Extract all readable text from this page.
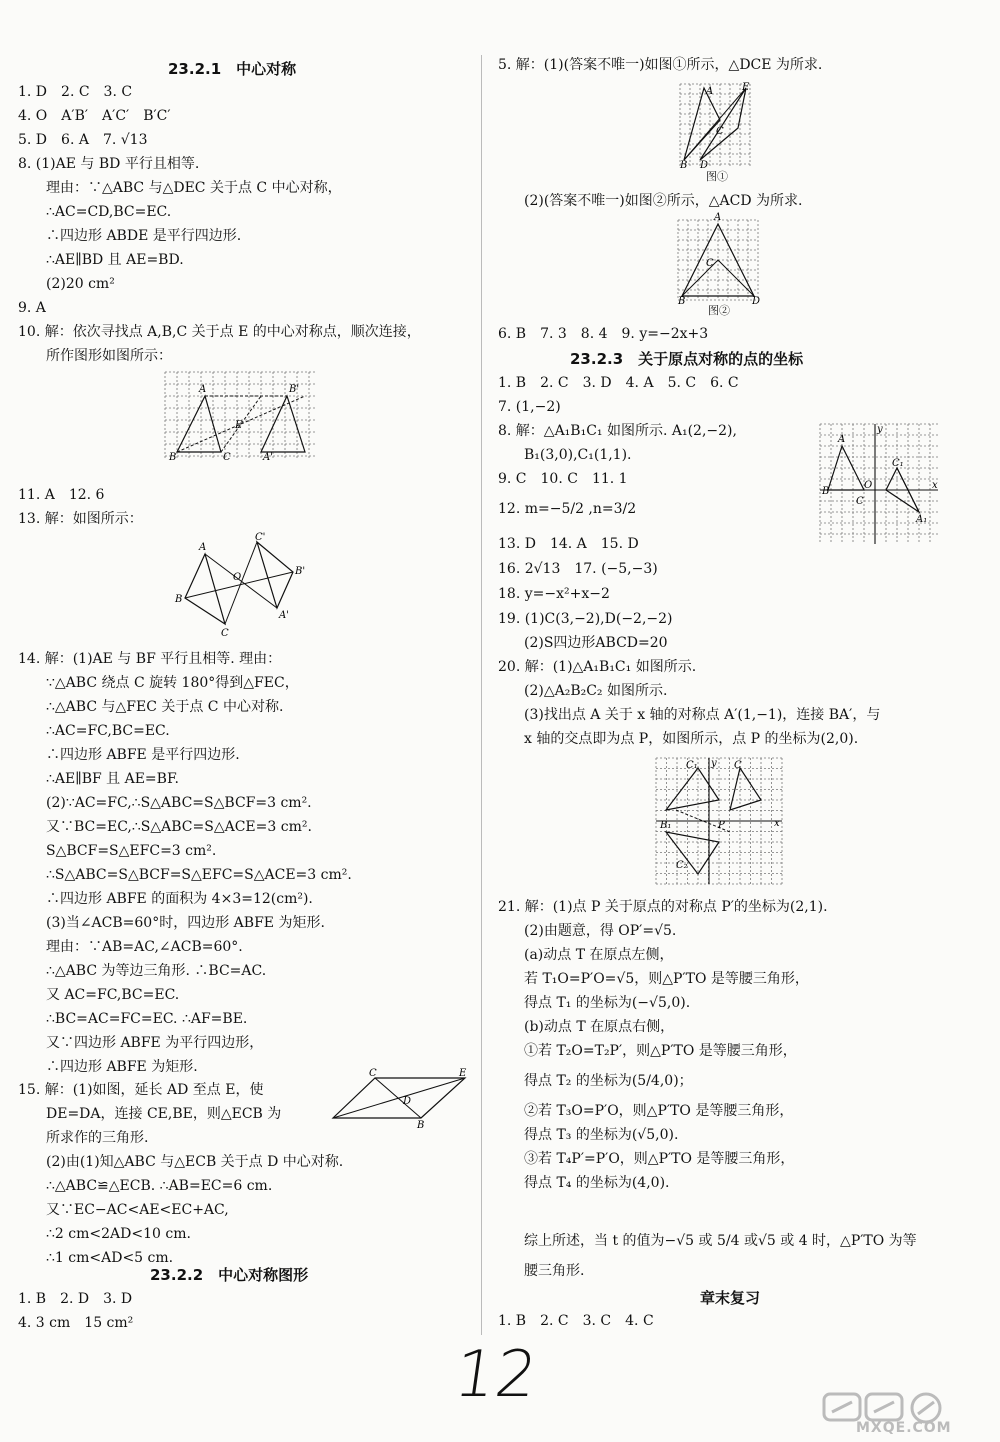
23.2.1　中心对称
1. D　2. C　3. C
4. O　A′B′　A′C′　B′C′
5. D　6. A　7. √13
8. (1)AE 与 BD 平行且相等.
理由：∵△ABC 与△DEC 关于点 C 中心对称，
∴AC=CD,BC=EC.
∴四边形 ABDE 是平行四边形.
∴AE∥BD 且 AE=BD.
(2)20 cm²
9. A
10. 解：依次寻找点 A,B,C 关于点 E 的中心对称点，顺次连接，
所作图形如图所示：
11. A　12. 6
13. 解：如图所示：
14. 解：(1)AE 与 BF 平行且相等. 理由：
∵△ABC 绕点 C 旋转 180°得到△FEC，
∴△ABC 与△FEC 关于点 C 中心对称.
∴AC=FC,BC=EC.
∴四边形 ABFE 是平行四边形.
∴AE∥BF 且 AE=BF.
(2)∵AC=FC,∴S△ABC=S△BCF=3 cm².
又∵BC=EC,∴S△ABC=S△ACE=3 cm².
S△BCF=S△EFC=3 cm².
∴S△ABC=S△BCF=S△EFC=S△ACE=3 cm².
∴四边形 ABFE 的面积为 4×3=12(cm²).
(3)当∠ACB=60°时，四边形 ABFE 为矩形.
理由：∵AB=AC,∠ACB=60°.
∴△ABC 为等边三角形. ∴BC=AC.
又 AC=FC,BC=EC.
∴BC=AC=FC=EC. ∴AF=BE.
又∵四边形 ABFE 为平行四边形，
∴四边形 ABFE 为矩形.
15. 解：(1)如图，延长 AD 至点 E，使
DE=DA，连接 CE,BE，则△ECB 为
所求作的三角形.
(2)由(1)知△ABC 与△ECB 关于点 D 中心对称.
∴△ABC≌△ECB. ∴AB=EC=6 cm.
又∵EC−AC<AE<EC+AC,
∴2 cm<2AD<10 cm.
∴1 cm<AD<5 cm.
23.2.2　中心对称图形
1. B　2. D　3. D
4. 3 cm　15 cm²
A
B	C
E
B'
A'
A
B
C
O
C'
B'
A'
C	E
D
B
5. 解：(1)(答案不唯一)如图①所示，△DCE 为所求.
(2)(答案不唯一)如图②所示，△ACD 为所求.
6. B　7. 3　8. 4　9. y=−2x+3
图①
图②
23.2.3　关于原点对称的点的坐标
1. B　2. C　3. D　4. A　5. C　6. C
7. (1,−2)
8. 解：△A₁B₁C₁ 如图所示. A₁(2,−2),
B₁(3,0),C₁(1,1).
9. C　10. C　11. 1
12. m=−5/2 ,n=3/2
13. D　14. A　15. D
16. 2√13　17. (−5,−3)
18. y=−x²+x−2
19. (1)C(3,−2),D(−2,−2)
(2)S四边形ABCD=20
20. 解：(1)△A₁B₁C₁ 如图所示.
(2)△A₂B₂C₂ 如图所示.
(3)找出点 A 关于 x 轴的对称点 A′(1,−1)，连接 BA′，与
x 轴的交点即为点 P，如图所示，点 P 的坐标为(2,0).
21. 解：(1)点 P 关于原点的对称点 P′的坐标为(2,1).
(2)由题意，得 OP′=√5.
(a)动点 T 在原点左侧，
若 T₁O=P′O=√5，则△P′TO 是等腰三角形，
得点 T₁ 的坐标为(−√5,0).
(b)动点 T 在原点右侧，
①若 T₂O=T₂P′，则△P′TO 是等腰三角形，
得点 T₂ 的坐标为(5/4,0)；
②若 T₃O=P′O，则△P′TO 是等腰三角形，
得点 T₃ 的坐标为(√5,0).
③若 T₄P′=P′O，则△P′TO 是等腰三角形，
得点 T₄ 的坐标为(4,0).
综上所述，当 t 的值为−√5 或 5/4 或√5 或 4 时，△P′TO 为等
腰三角形.
章末复习
1. B　2. C　3. C　4. C
A	E
C
B D
A
C
B	D
y
x
O
B
A
C
C₁
A₁
C₁	C
B₁
C₂
P	x
y
12
MXQE.COM
